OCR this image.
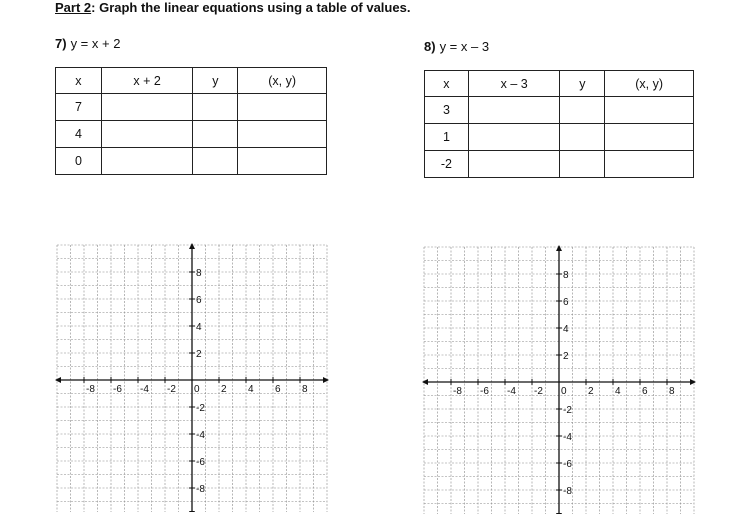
Part 2: Graph the linear equations using a table of values.
7) y = x + 2
x	x + 2	y	(x, y)
7			
4			
0			
8) y = x – 3
x	x – 3	y	(x, y)
3			
1			
-2			
-8 -6 -4 -2 0 2 4 6 8
8
6
4
2
-2
-4
-6
-8
-8 -6 -4 -2 0 2 4 6 8
8
6
4
2
-2
-4
-6
-8
